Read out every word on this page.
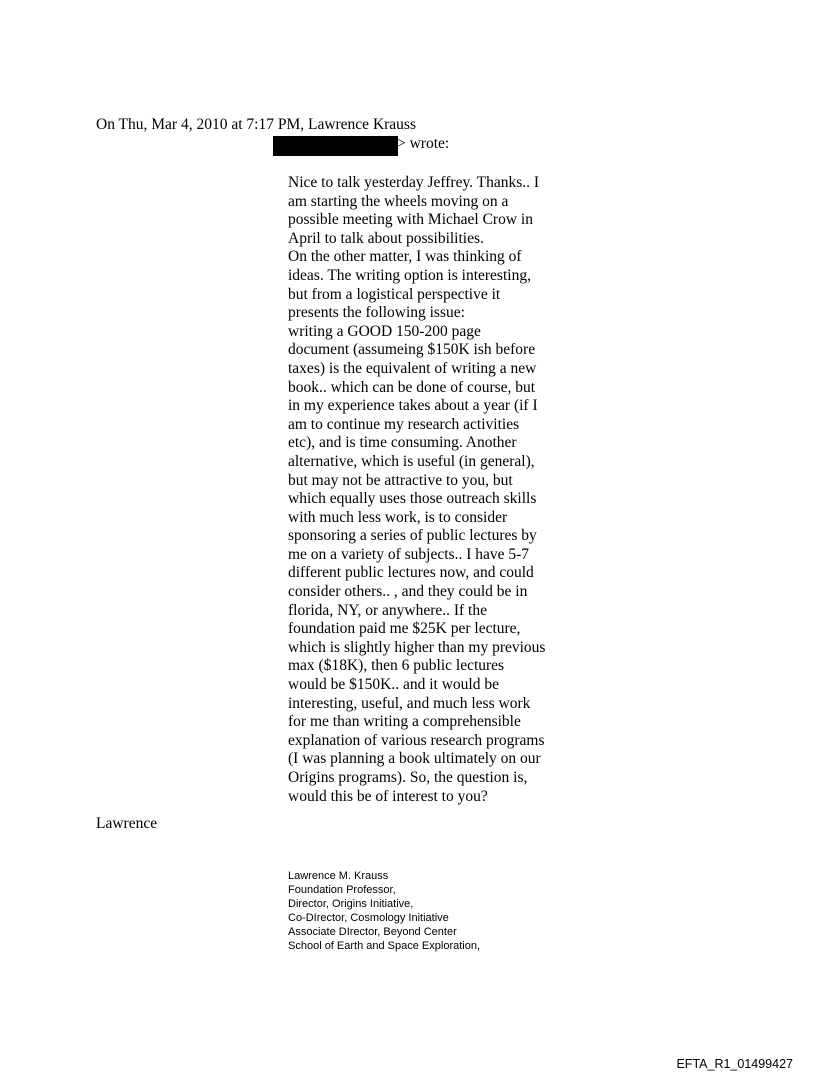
On Thu, Mar 4, 2010 at 7:17 PM, Lawrence Krauss
> wrote:

Nice to talk yesterday Jeffrey. Thanks.. I

am starting the wheels moving on a

possible meeting with Michael Crow in

April to talk about possibilities.

On the other matter, I was thinking of

ideas. The writing option is interesting,

but from a logistical perspective it

presents the following issue:

writing a GOOD 150-200 page

document (assumeing $150K ish before

taxes) is the equivalent of writing a new

book.. which can be done of course, but

in my experience takes about a year (if I

am to continue my research activities

etc), and is time consuming. Another

alternative, which is useful (in general),

but may not be attractive to you, but

which equally uses those outreach skills

with much less work, is to consider

sponsoring a series of public lectures by

me on a variety of subjects.. I have 5-7

different public lectures now, and could

consider others.. , and they could be in

florida, NY, or anywhere.. If the

foundation paid me $25K per lecture,

which is slightly higher than my previous

max ($18K), then 6 public lectures

would be $150K.. and it would be

interesting, useful, and much less work

for me than writing a comprehensible

explanation of various research programs

(I was planning a book ultimately on our

Origins programs). So, the question is,

would this be of interest to you?

Lawrence
Lawrence M. Krauss
Foundation Professor,
Director, Origins Initiative,
Co-DIrector, Cosmology Initiative
Associate DIrector, Beyond Center
School of Earth and Space Exploration,
EFTA_R1_01499427
